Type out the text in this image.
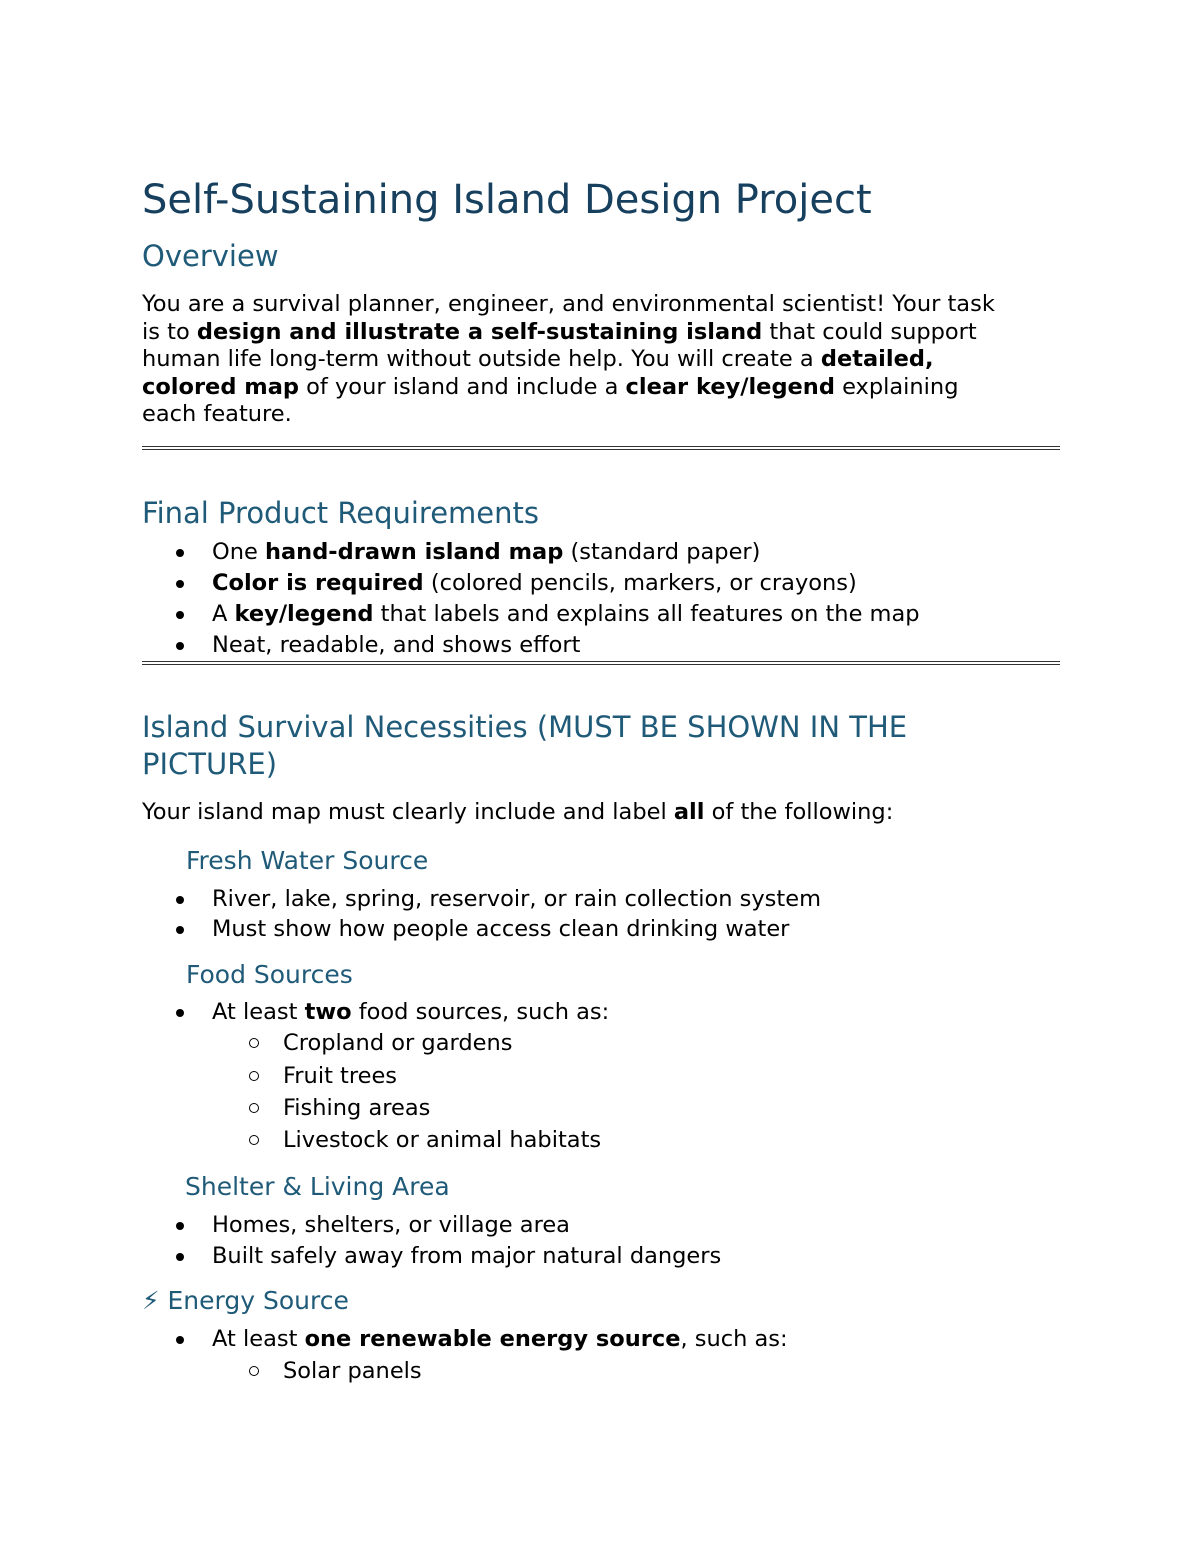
Self-Sustaining Island Design Project
Overview
You are a survival planner, engineer, and environmental scientist! Your task
is to design and illustrate a self-sustaining island that could support
human life long-term without outside help. You will create a detailed,
colored map of your island and include a clear key/legend explaining
each feature.
Final Product Requirements
One hand-drawn island map (standard paper)
Color is required (colored pencils, markers, or crayons)
A key/legend that labels and explains all features on the map
Neat, readable, and shows effort
Island Survival Necessities (MUST BE SHOWN IN THE
PICTURE)
Your island map must clearly include and label all of the following:
Fresh Water Source
River, lake, spring, reservoir, or rain collection system
Must show how people access clean drinking water
Food Sources
At least two food sources, such as:
Cropland or gardens
Fruit trees
Fishing areas
Livestock or animal habitats
Shelter & Living Area
Homes, shelters, or village area
Built safely away from major natural dangers
⚡ Energy Source
At least one renewable energy source, such as:
Solar panels
